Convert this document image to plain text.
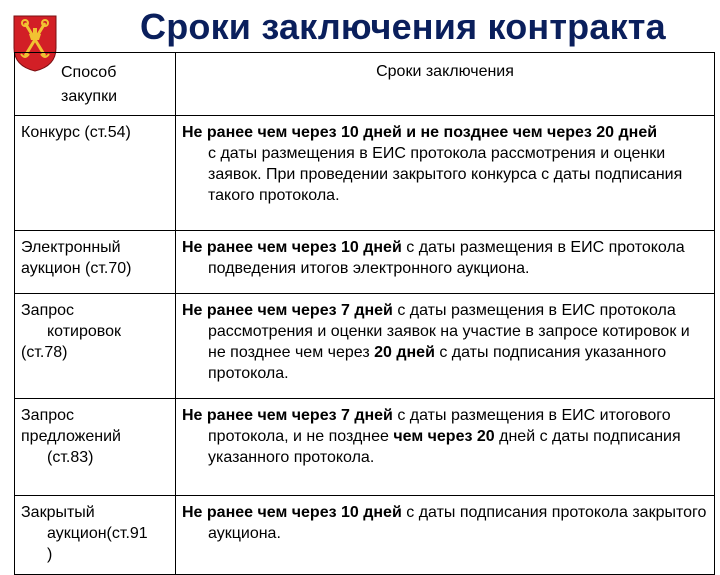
Сроки заключения контракта
Способ закупки	Сроки заключения
Конкурс (ст.54)	Не ранее чем через 10 дней и не позднее чем через 20 дней
с даты размещения в ЕИС протокола рассмотрения и оценки заявок. При проведении закрытого конкурса с даты подписания такого протокола.

Электронный аукцион (ст.70)	Не ранее чем через 10 дней с даты размещения в ЕИС протокола подведения итогов электронного аукциона.

Запрос
котировок
(ст.78)	Не ранее чем через 7 дней с даты размещения в ЕИС протокола рассмотрения и оценки заявок на участие в запросе котировок и не позднее чем через 20 дней с даты подписания указанного протокола.

Запрос
предложений
(ст.83)	Не ранее чем через 7 дней с даты размещения в ЕИС итогового протокола, и не позднее чем через 20 дней с даты подписания указанного протокола.

Закрытый
аукцион(ст.91
)	Не ранее чем через 10 дней с даты подписания протокола закрытого аукциона.
